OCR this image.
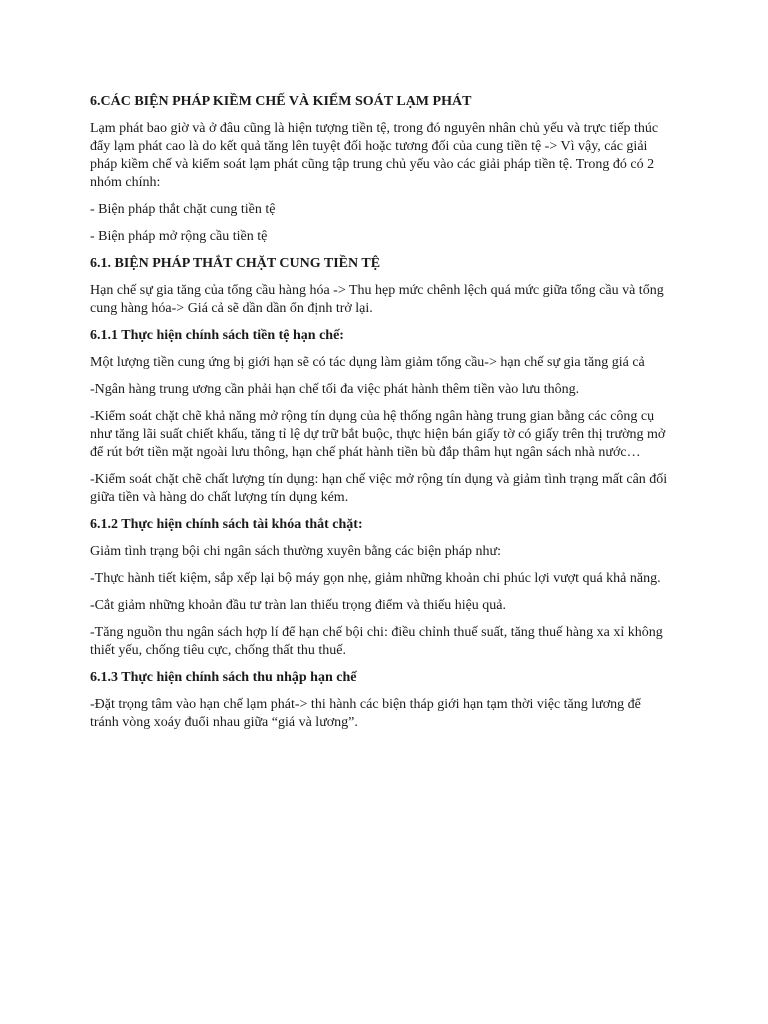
6.CÁC BIỆN PHÁP KIỀM CHẾ VÀ KIỂM SOÁT LẠM PHÁT
Lạm phát bao giờ và ở đâu cũng là hiện tượng tiền tệ, trong đó nguyên nhân chủ yếu và trực tiếp thúc đẩy lạm phát cao là do kết quả tăng lên tuyệt đối hoặc tương đối của cung tiền tệ -> Vì vậy, các giải pháp kiềm chế và kiểm soát lạm phát cũng tập trung chủ yếu vào các giải pháp tiền tệ. Trong đó có 2 nhóm chính:
- Biện pháp thắt chặt cung tiền tệ
- Biện pháp mở rộng cầu tiền tệ
6.1. BIỆN PHÁP THẮT CHẶT CUNG TIỀN TỆ
Hạn chế sự gia tăng của tổng cầu hàng hóa -> Thu hẹp mức chênh lệch quá mức giữa tổng cầu và tổng cung hàng hóa-> Giá cả sẽ dần dần ổn định trở lại.
6.1.1 Thực hiện chính sách tiền tệ hạn chế:
Một lượng tiền cung ứng bị giới hạn sẽ có tác dụng làm giảm tổng cầu-> hạn chế sự gia tăng giá cả
-Ngân hàng trung ương cần phải hạn chế tối đa việc phát hành thêm tiền vào lưu thông.
-Kiểm soát chặt chẽ khả năng mở rộng tín dụng của hệ thống ngân hàng trung gian bằng các công cụ như tăng lãi suất chiết khấu, tăng tỉ lệ dự trữ bắt buộc, thực hiện bán giấy tờ có giấy trên thị trường mở để rút bớt tiền mặt ngoài lưu thông, hạn chế phát hành tiền bù đắp thâm hụt ngân sách nhà nước…
-Kiểm soát chặt chẽ chất lượng tín dụng: hạn chế việc mở rộng tín dụng và giảm tình trạng mất cân đối giữa tiền và hàng do chất lượng tín dụng kém.
6.1.2 Thực hiện chính sách tài khóa thắt chặt:
Giảm tình trạng bội chi ngân sách thường xuyên bằng các biện pháp như:
-Thực hành tiết kiệm, sắp xếp lại bộ máy gọn nhẹ, giảm những khoản chi phúc lợi vượt quá khả năng.
-Cắt giảm những khoản đầu tư tràn lan thiếu trọng điểm và thiếu hiệu quả.
-Tăng nguồn thu ngân sách hợp lí để hạn chế bội chi: điều chỉnh thuế suất, tăng thuế hàng xa xỉ không thiết yếu, chống tiêu cực, chống thất thu thuế.
6.1.3 Thực hiện chính sách thu nhập hạn chế
-Đặt trọng tâm vào hạn chế lạm phát-> thi hành các biện tháp giới hạn tạm thời việc tăng lương để tránh vòng xoáy đuổi nhau giữa “giá và lương”.
